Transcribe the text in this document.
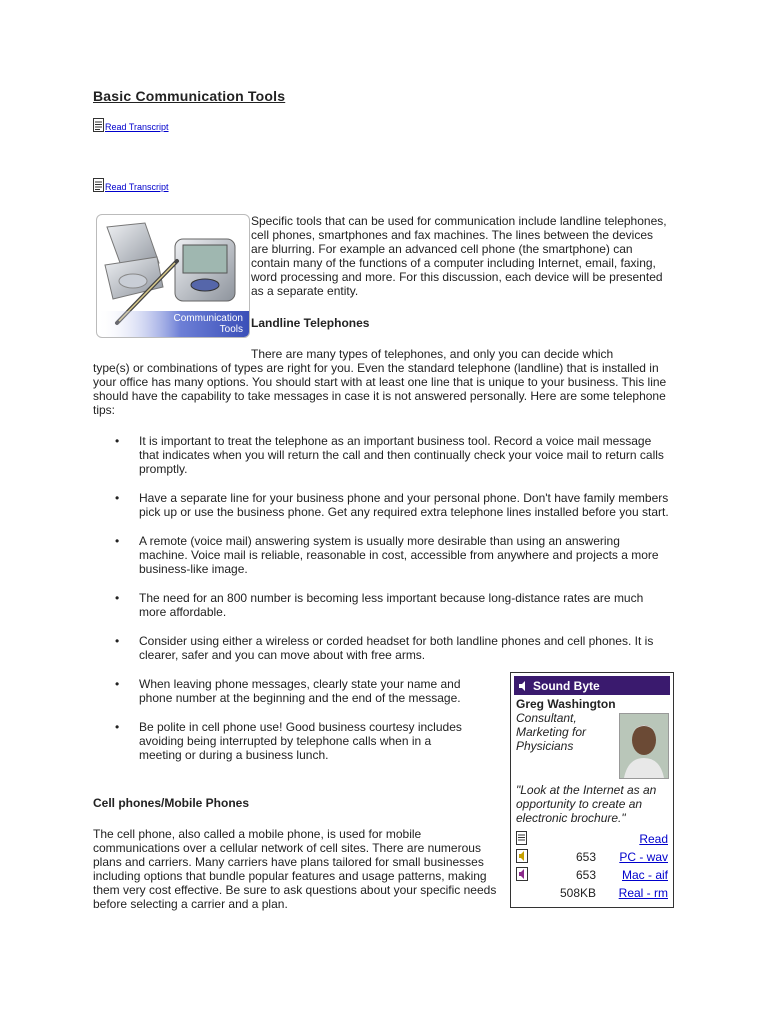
Basic Communication Tools
Read Transcript
Read Transcript
Communication
Tools
Specific tools that can be used for communication include landline telephones, cell phones, smartphones and fax machines. The lines between the devices are blurring. For example an advanced cell phone (the smartphone) can contain many of the functions of a computer including Internet, email, faxing, word processing and more. For this discussion, each device will be presented as a separate entity.
Landline Telephones
There are many types of telephones, and only you can decide which
type(s) or combinations of types are right for you. Even the standard telephone (landline) that is installed in your office has many options. You should start with at least one line that is unique to your business. This line should have the capability to take messages in case it is not answered personally. Here are some telephone tips:
• It is important to treat the telephone as an important business tool. Record a voice mail message that indicates when you will return the call and then continually check your voice mail to return calls promptly.
• Have a separate line for your business phone and your personal phone. Don't have family members pick up or use the business phone. Get any required extra telephone lines installed before you start.
• A remote (voice mail) answering system is usually more desirable than using an answering machine. Voice mail is reliable, reasonable in cost, accessible from anywhere and projects a more business-like image.
• The need for an 800 number is becoming less important because long-distance rates are much more affordable.
• Consider using either a wireless or corded headset for both landline phones and cell phones. It is clearer, safer and you can move about with free arms.
• When leaving phone messages, clearly state your name and phone number at the beginning and the end of the message.
• Be polite in cell phone use! Good business courtesy includes avoiding being interrupted by telephone calls when in a meeting or during a business lunch.
Cell phones/Mobile Phones
The cell phone, also called a mobile phone, is used for mobile communications over a cellular network of cell sites. There are numerous plans and carriers. Many carriers have plans tailored for small businesses including options that bundle popular features and usage patterns, making them very cost effective. Be sure to ask questions about your specific needs before selecting a carrier and a plan.
Sound Byte
Greg Washington
Consultant, Marketing for Physicians
"Look at the Internet as an opportunity to create an electronic brochure."
Read
653 PC - wav
653 Mac - aif
508KB Real - rm
